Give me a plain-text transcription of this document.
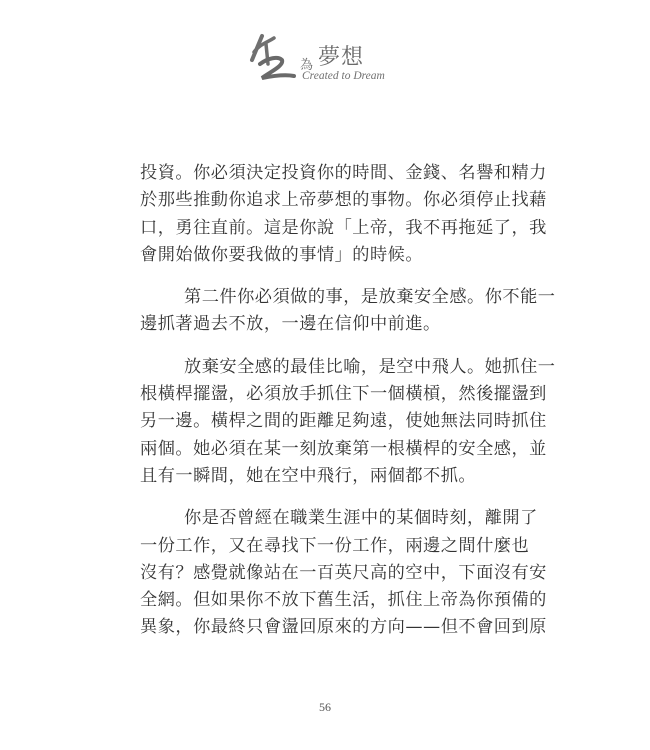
為 夢想
Created to Dream

投資。你必須決定投資你的時間、金錢、名譽和精力
於那些推動你追求上帝夢想的事物。你必須停止找藉
口，勇往直前。這是你說「上帝，我不再拖延了，我
會開始做你要我做的事情」的時候。

第二件你必須做的事，是放棄安全感。你不能一
邊抓著過去不放，一邊在信仰中前進。

放棄安全感的最佳比喻，是空中飛人。她抓住一
根橫桿擺盪，必須放手抓住下一個橫槓，然後擺盪到
另一邊。橫桿之間的距離足夠遠，使她無法同時抓住
兩個。她必須在某一刻放棄第一根橫桿的安全感，並
且有一瞬間，她在空中飛行，兩個都不抓。

你是否曾經在職業生涯中的某個時刻，離開了
一份工作，又在尋找下一份工作，兩邊之間什麼也
沒有？感覺就像站在一百英尺高的空中，下面沒有安
全網。但如果你不放下舊生活，抓住上帝為你預備的
異象，你最終只會盪回原來的方向——但不會回到原

56
